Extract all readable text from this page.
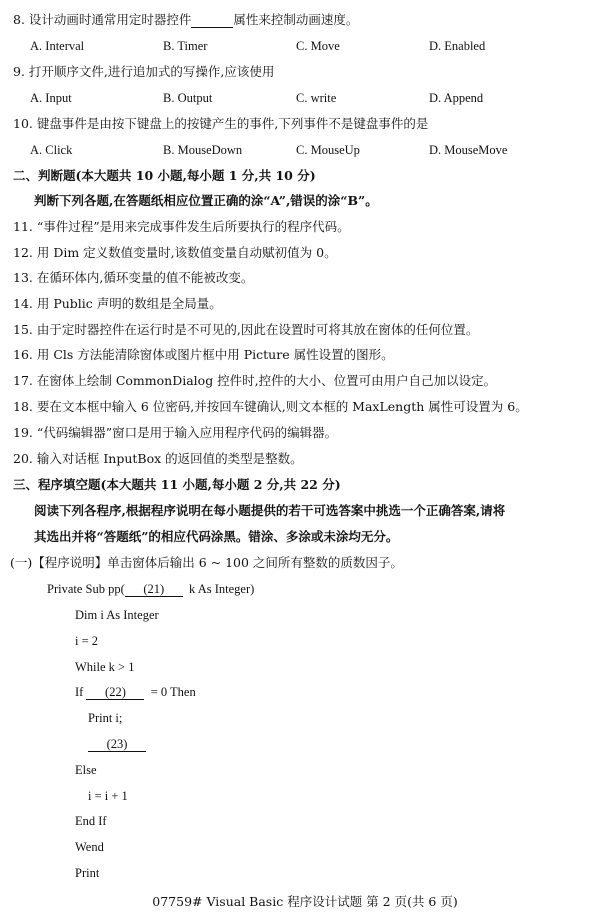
8. 设计动画时通常用定时器控件	属性来控制动画速度。
A. Interval	B. Timer	C. Move	D. Enabled
9. 打开顺序文件,进行追加式的写操作,应该使用
A. Input	B. Output	C. write	D. Append
10. 键盘事件是由按下键盘上的按键产生的事件,下列事件不是键盘事件的是
A. Click	B. MouseDown	C. MouseUp	D. MouseMove
二、判断题(本大题共 10 小题,每小题 1 分,共 10 分)
判断下列各题,在答题纸相应位置正确的涂“A”,错误的涂“B”。
11. “事件过程”是用来完成事件发生后所要执行的程序代码。
12. 用 Dim 定义数值变量时,该数值变量自动赋初值为 0。
13. 在循环体内,循环变量的值不能被改变。
14. 用 Public 声明的数组是全局量。
15. 由于定时器控件在运行时是不可见的,因此在设置时可将其放在窗体的任何位置。
16. 用 Cls 方法能清除窗体或图片框中用 Picture 属性设置的图形。
17. 在窗体上绘制 CommonDialog 控件时,控件的大小、位置可由用户自己加以设定。
18. 要在文本框中输入 6 位密码,并按回车键确认,则文本框的 MaxLength 属性可设置为 6。
19. “代码编辑器”窗口是用于输入应用程序代码的编辑器。
20. 输入对话框 InputBox 的返回值的类型是整数。
三、程序填空题(本大题共 11 小题,每小题 2 分,共 22 分)
阅读下列各程序,根据程序说明在每小题提供的若干可选答案中挑选一个正确答案,请将
其选出并将“答题纸”的相应代码涂黑。错涂、多涂或未涂均无分。
(一)【程序说明】单击窗体后输出 6 ~ 100 之间所有整数的质数因子。
Private Sub pp( (21) k As Integer)
Dim i As Integer
i = 2
While k > 1
If (22) = 0 Then
Print i;
(23)
Else
i = i + 1
End If
Wend
Print
07759# Visual Basic 程序设计试题 第 2 页(共 6 页)
